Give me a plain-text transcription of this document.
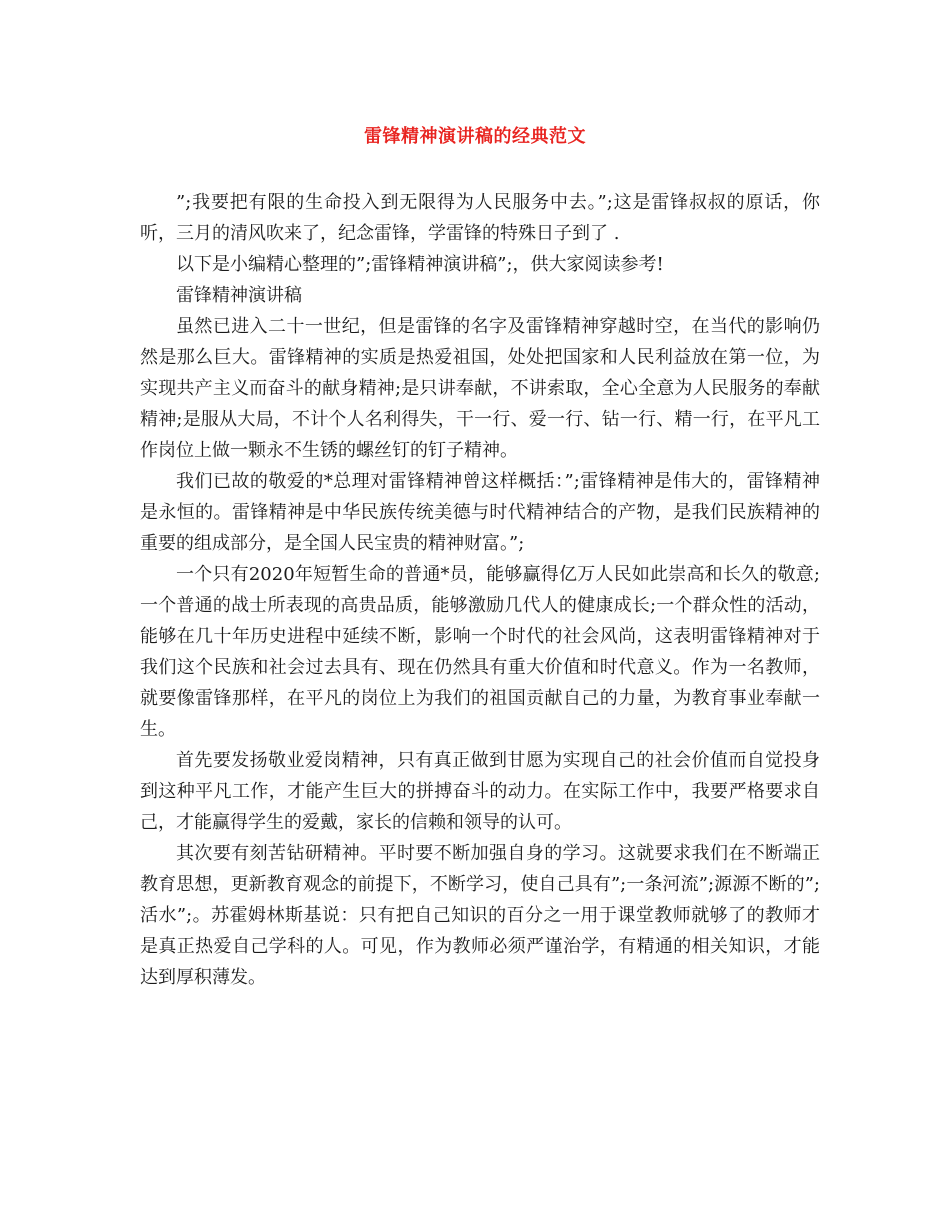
雷锋精神演讲稿的经典范文

”;我要把有限的生命投入到无限得为人民服务中去。”;这是雷锋叔叔的原话，你听，三月的清风吹来了，纪念雷锋，学雷锋的特殊日子到了 .

以下是小编精心整理的”;雷锋精神演讲稿”;，供大家阅读参考!

雷锋精神演讲稿

虽然已进入二十一世纪，但是雷锋的名字及雷锋精神穿越时空，在当代的影响仍然是那么巨大。雷锋精神的实质是热爱祖国，处处把国家和人民利益放在第一位，为实现共产主义而奋斗的献身精神;是只讲奉献，不讲索取，全心全意为人民服务的奉献精神;是服从大局，不计个人名利得失，干一行、爱一行、钻一行、精一行，在平凡工作岗位上做一颗永不生锈的螺丝钉的钉子精神。

我们已故的敬爱的*总理对雷锋精神曾这样概括：”;雷锋精神是伟大的，雷锋精神是永恒的。雷锋精神是中华民族传统美德与时代精神结合的产物，是我们民族精神的重要的组成部分，是全国人民宝贵的精神财富。”;

一个只有2020年短暂生命的普通*员，能够赢得亿万人民如此崇高和长久的敬意;一个普通的战士所表现的高贵品质，能够激励几代人的健康成长;一个群众性的活动，能够在几十年历史进程中延续不断，影响一个时代的社会风尚，这表明雷锋精神对于我们这个民族和社会过去具有、现在仍然具有重大价值和时代意义。作为一名教师，就要像雷锋那样，在平凡的岗位上为我们的祖国贡献自己的力量，为教育事业奉献一生。

首先要发扬敬业爱岗精神，只有真正做到甘愿为实现自己的社会价值而自觉投身到这种平凡工作，才能产生巨大的拼搏奋斗的动力。在实际工作中，我要严格要求自己，才能赢得学生的爱戴，家长的信赖和领导的认可。

其次要有刻苦钻研精神。平时要不断加强自身的学习。这就要求我们在不断端正教育思想，更新教育观念的前提下，不断学习，使自己具有”;一条河流”;源源不断的”;活水”;。苏霍姆林斯基说：只有把自己知识的百分之一用于课堂教师就够了的教师才是真正热爱自己学科的人。可见，作为教师必须严谨治学，有精通的相关知识，才能达到厚积薄发。
